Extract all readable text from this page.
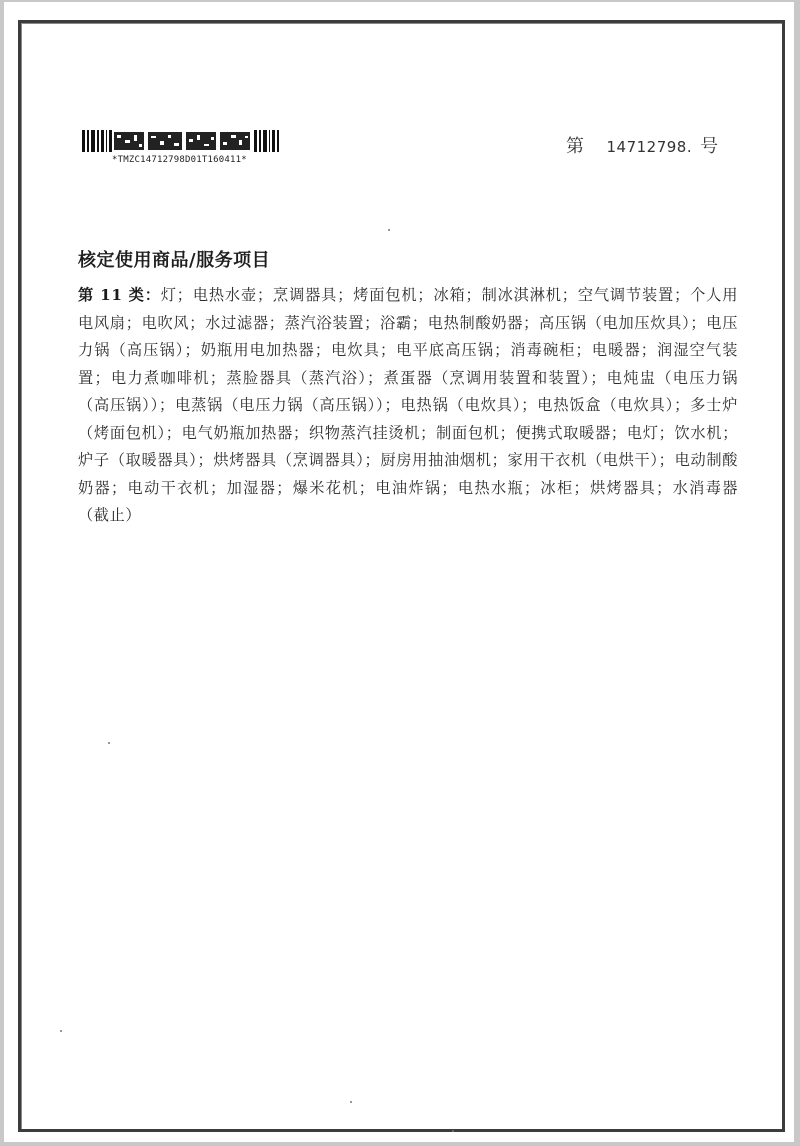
*TMZC14712798D01T160411*
第 14712798. 号
核定使用商品/服务项目
第 11 类：灯；电热水壶；烹调器具；烤面包机；冰箱；制冰淇淋机；空气调节装置；个人用电风扇；电吹风；水过滤器；蒸汽浴装置；浴霸；电热制酸奶器；高压锅（电加压炊具）；电压力锅（高压锅）；奶瓶用电加热器；电炊具；电平底高压锅；消毒碗柜；电暖器；润湿空气装置；电力煮咖啡机；蒸脸器具（蒸汽浴）；煮蛋器（烹调用装置和装置）；电炖盅（电压力锅（高压锅））；电蒸锅（电压力锅（高压锅））；电热锅（电炊具）；电热饭盒（电炊具）；多士炉（烤面包机）；电气奶瓶加热器；织物蒸汽挂烫机；制面包机；便携式取暖器；电灯；饮水机；炉子（取暖器具）；烘烤器具（烹调器具）；厨房用抽油烟机；家用干衣机（电烘干）；电动制酸奶器；电动干衣机；加湿器；爆米花机；电油炸锅；电热水瓶；冰柜；烘烤器具；水消毒器（截止）
